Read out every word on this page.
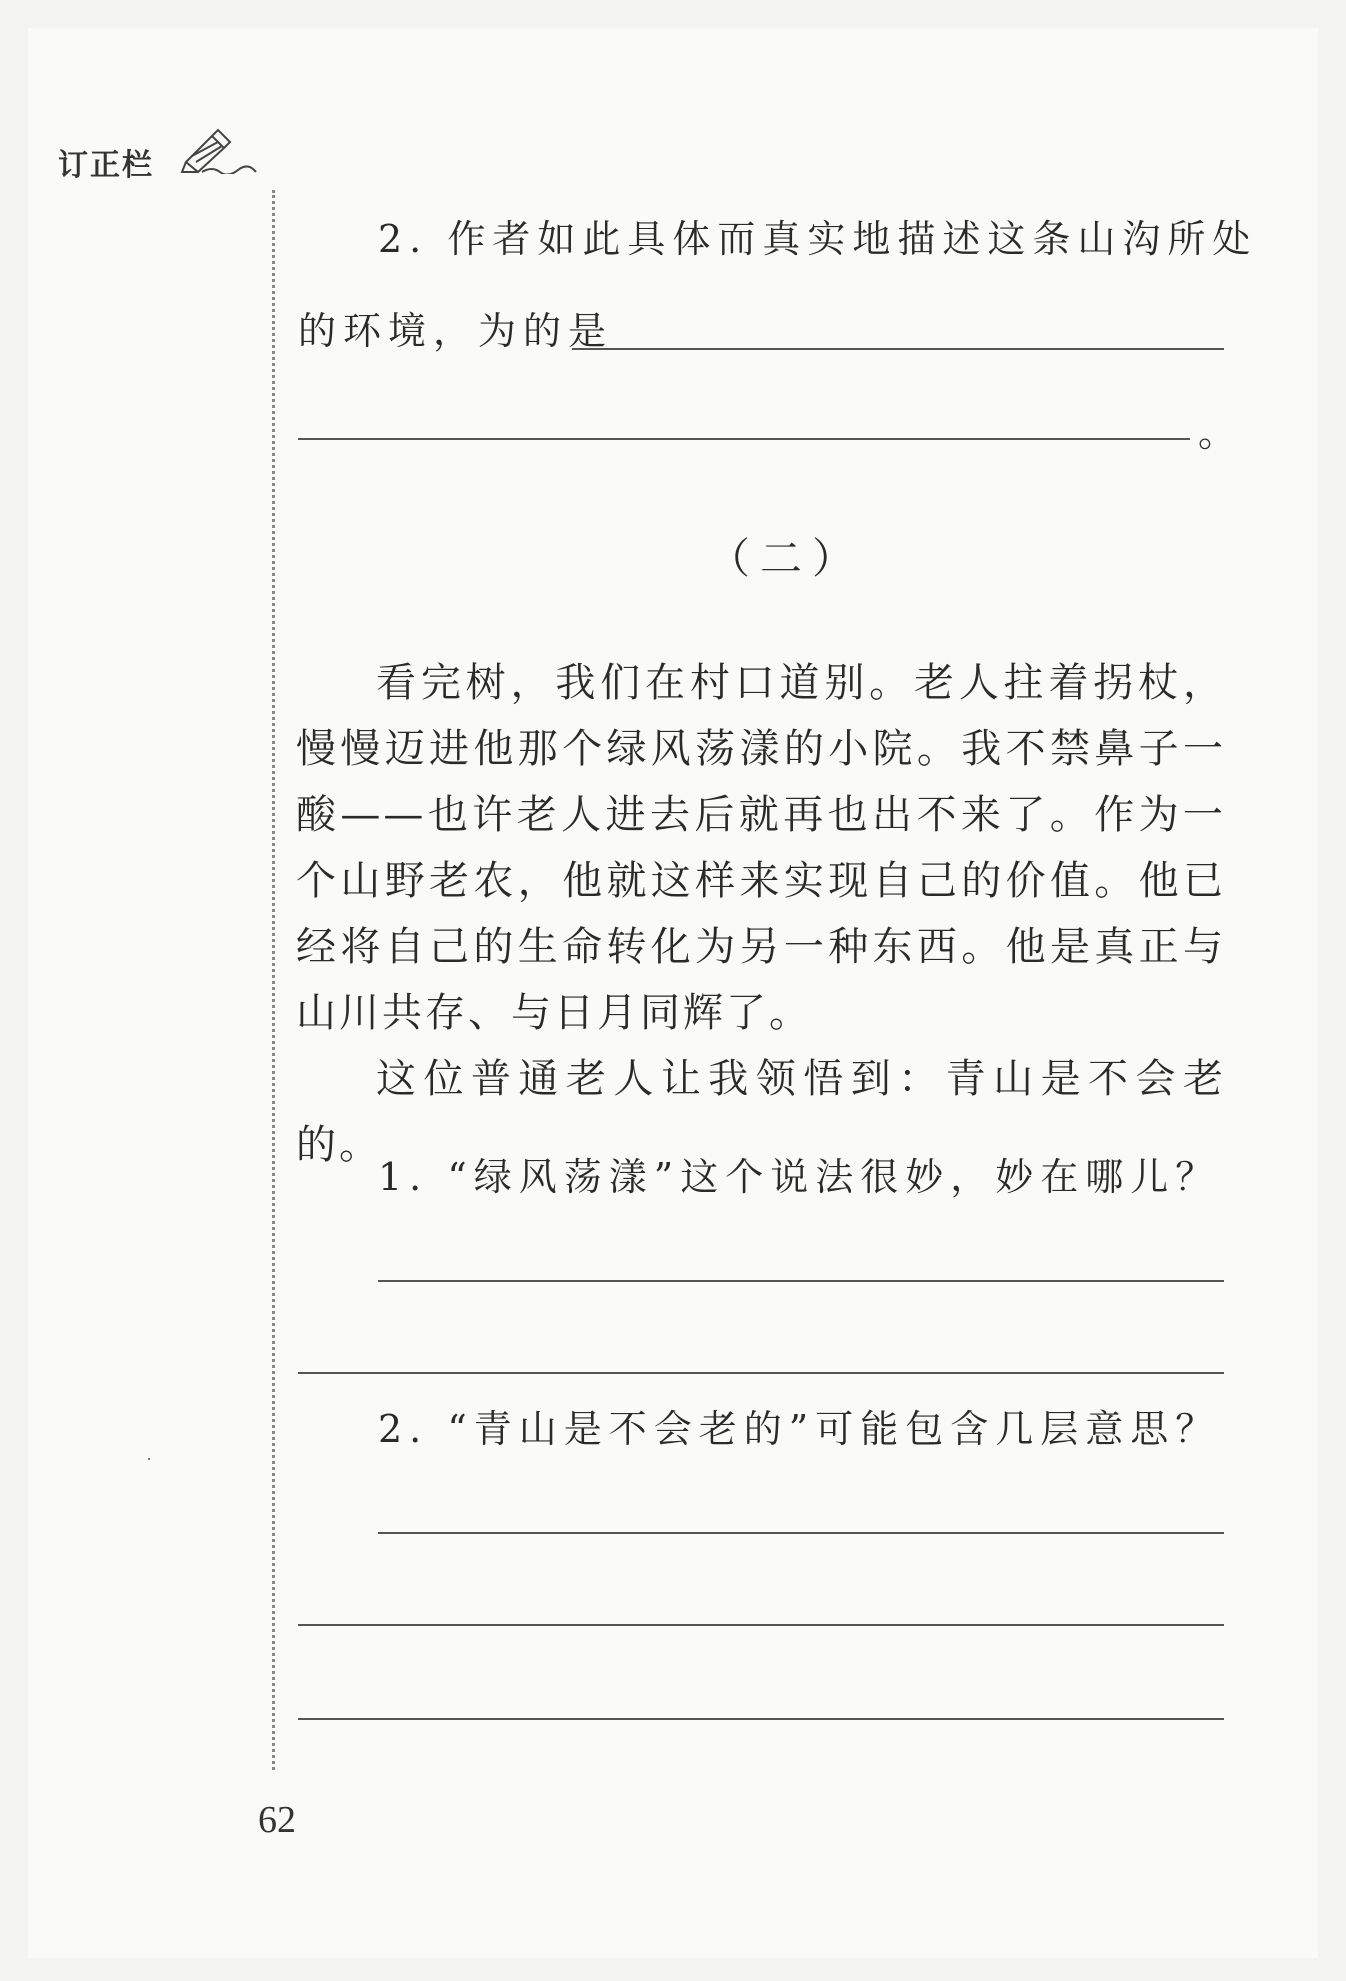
订正栏
2. 作者如此具体而真实地描述这条山沟所处
的环境，为的是
。
（二）

看完树，我们在村口道别。老人拄着拐杖，慢慢迈进他那个绿风荡漾的小院。我不禁鼻子一酸——也许老人进去后就再也出不来了。作为一个山野老农，他就这样来实现自己的价值。他已经将自己的生命转化为另一种东西。他是真正与山川共存、与日月同辉了。

这位普通老人让我领悟到：青山是不会老的。

1. “绿风荡漾”这个说法很妙，妙在哪儿？
2. “青山是不会老的”可能包含几层意思？
62
